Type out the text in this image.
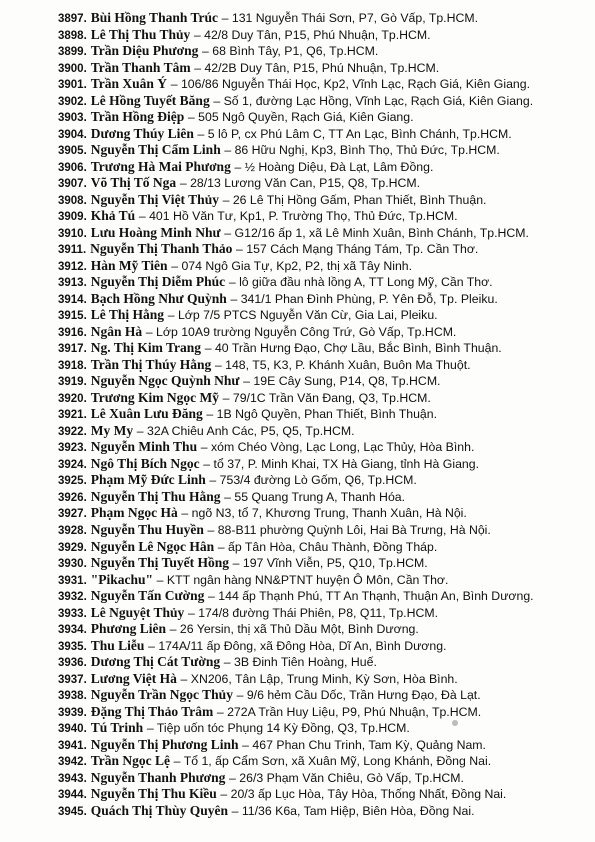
3897. Bùi Hồng Thanh Trúc – 131 Nguyễn Thái Sơn, P7, Gò Vấp, Tp.HCM.
3898. Lê Thị Thu Thủy – 42/8 Duy Tân, P15, Phú Nhuận, Tp.HCM.
3899. Trần Diệu Phương – 68 Bình Tây, P1, Q6, Tp.HCM.
3900. Trần Thanh Tâm – 42/2B Duy Tân, P15, Phú Nhuận, Tp.HCM.
3901. Trần Xuân Ý – 106/86 Nguyễn Thái Học, Kp2, Vĩnh Lạc, Rạch Giá, Kiên Giang.
3902. Lê Hồng Tuyết Băng – Số 1, đường Lạc Hồng, Vĩnh Lạc, Rạch Giá, Kiên Giang.
3903. Trần Hồng Điệp – 505 Ngô Quyền, Rạch Giá, Kiên Giang.
3904. Dương Thúy Liên – 5 lô P, cx Phú Lâm C, TT An Lạc, Bình Chánh, Tp.HCM.
3905. Nguyễn Thị Cẩm Linh – 86 Hữu Nghị, Kp3, Bình Thọ, Thủ Đức, Tp.HCM.
3906. Trương Hà Mai Phương – ½ Hoàng Diệu, Đà Lạt, Lâm Đồng.
3907. Võ Thị Tố Nga – 28/13 Lương Văn Can, P15, Q8, Tp.HCM.
3908. Nguyễn Thị Việt Thủy – 26 Lê Thị Hồng Gấm, Phan Thiết, Bình Thuận.
3909. Khả Tú – 401 Hồ Văn Tư, Kp1, P. Trường Thọ, Thủ Đức, Tp.HCM.
3910. Lưu Hoàng Minh Như – G12/16 ấp 1, xã Lê Minh Xuân, Bình Chánh, Tp.HCM.
3911. Nguyễn Thị Thanh Thảo – 157 Cách Mạng Tháng Tám, Tp. Cần Thơ.
3912. Hàn Mỹ Tiên – 074 Ngô Gia Tự, Kp2, P2, thị xã Tây Ninh.
3913. Nguyễn Thị Diễm Phúc – lô giữa đầu nhà lồng A, TT Long Mỹ, Cần Thơ.
3914. Bạch Hồng Như Quỳnh – 341/1 Phan Đình Phùng, P. Yên Đỗ, Tp. Pleiku.
3915. Lê Thị Hằng – Lớp 7/5 PTCS Nguyễn Văn Cừ, Gia Lai, Pleiku.
3916. Ngân Hà – Lớp 10A9 trường Nguyễn Công Trứ, Gò Vấp, Tp.HCM.
3917. Ng. Thị Kim Trang – 40 Trần Hưng Đạo, Chợ Lầu, Bắc Bình, Bình Thuận.
3918. Trần Thị Thúy Hằng – 148, T5, K3, P. Khánh Xuân, Buôn Ma Thuột.
3919. Nguyễn Ngọc Quỳnh Như – 19E Cây Sung, P14, Q8, Tp.HCM.
3920. Trương Kim Ngọc Mỹ – 79/1C Trần Văn Đang, Q3, Tp.HCM.
3921. Lê Xuân Lưu Đăng – 1B Ngô Quyền, Phan Thiết, Bình Thuận.
3922. My My – 32A Chiêu Anh Các, P5, Q5, Tp.HCM.
3923. Nguyễn Minh Thu – xóm Chéo Vòng, Lạc Long, Lạc Thủy, Hòa Bình.
3924. Ngô Thị Bích Ngọc – tổ 37, P. Minh Khai, TX Hà Giang, tỉnh Hà Giang.
3925. Phạm Mỹ Đức Linh – 753/4 đường Lò Gốm, Q6, Tp.HCM.
3926. Nguyễn Thị Thu Hằng – 55 Quang Trung A, Thanh Hóa.
3927. Phạm Ngọc Hà – ngõ N3, tổ 7, Khương Trung, Thanh Xuân, Hà Nội.
3928. Nguyễn Thu Huyền – 88-B11 phường Quỳnh Lôi, Hai Bà Trưng, Hà Nội.
3929. Nguyễn Lê Ngọc Hân – ấp Tân Hòa, Châu Thành, Đồng Tháp.
3930. Nguyễn Thị Tuyết Hồng – 197 Vĩnh Viễn, P5, Q10, Tp.HCM.
3931. "Pikachu" – KTT ngân hàng NN&PTNT huyện Ô Môn, Cần Thơ.
3932. Nguyễn Tấn Cường – 144 ấp Thạnh Phú, TT An Thạnh, Thuận An, Bình Dương.
3933. Lê Nguyệt Thủy – 174/8 đường Thái Phiên, P8, Q11, Tp.HCM.
3934. Phương Liên – 26 Yersin, thị xã Thủ Dầu Một, Bình Dương.
3935. Thu Liễu – 174A/11 ấp Đông, xã Đông Hòa, Dĩ An, Bình Dương.
3936. Dương Thị Cát Tường – 3B Đinh Tiên Hoàng, Huế.
3937. Lương Việt Hà – XN206, Tân Lập, Trung Minh, Kỳ Sơn, Hòa Bình.
3938. Nguyễn Trần Ngọc Thủy – 9/6 hẻm Cầu Dốc, Trần Hưng Đạo, Đà Lạt.
3939. Đặng Thị Thảo Trâm – 272A Trần Huy Liệu, P9, Phú Nhuận, Tp.HCM.
3940. Tú Trinh – Tiệp uốn tóc Phụng 14 Kỳ Đồng, Q3, Tp.HCM.
3941. Nguyễn Thị Phương Linh – 467 Phan Chu Trinh, Tam Kỳ, Quảng Nam.
3942. Trần Ngọc Lệ – Tổ 1, ấp Cẩm Sơn, xã Xuân Mỹ, Long Khánh, Đồng Nai.
3943. Nguyễn Thanh Phương – 26/3 Phạm Văn Chiêu, Gò Vấp, Tp.HCM.
3944. Nguyễn Thị Thu Kiều – 20/3 ấp Lục Hòa, Tây Hòa, Thống Nhất, Đồng Nai.
3945. Quách Thị Thùy Quyên – 11/36 K6a, Tam Hiệp, Biên Hòa, Đồng Nai.
